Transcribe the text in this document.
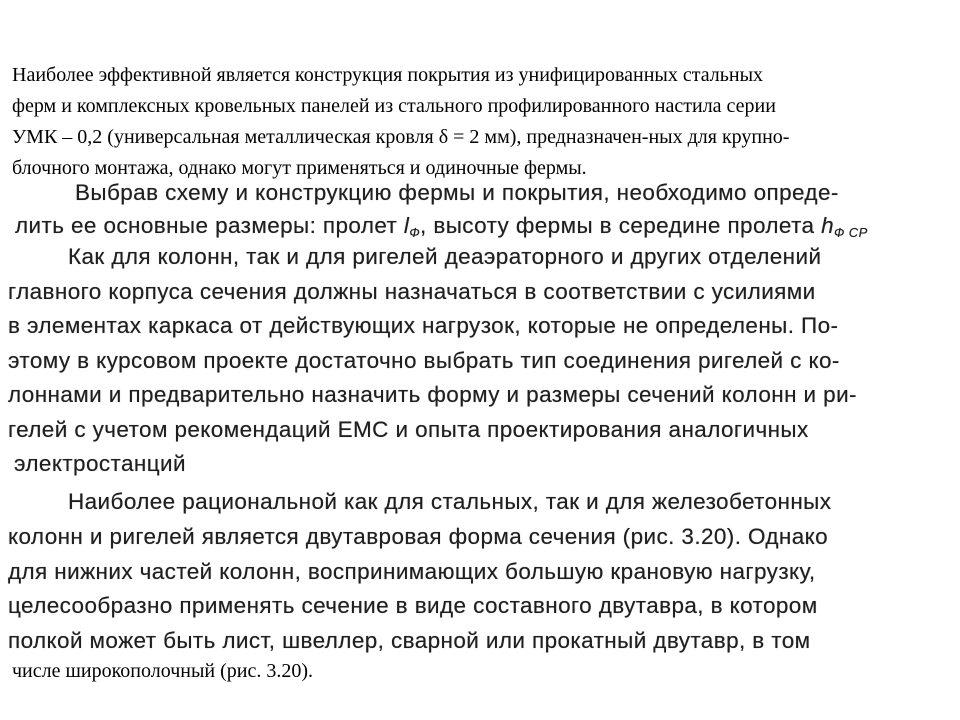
Наиболее эффективной является конструкция покрытия из унифицированных стальных
ферм и комплексных кровельных панелей из стального профилированного настила серии
УМК – 0,2 (универсальная металлическая кровля δ = 2 мм), предназначен-ных для крупно-
блочного монтажа, однако могут применяться и одиночные фермы.

Выбрав схему и конструкцию фермы и покрытия, необходимо опреде-
лить ее основные размеры: пролет $l_Ф$, высоту фермы в середине пролета $h_{Ф СР}$

Как для колонн, так и для ригелей деаэраторного и других отделений
главного корпуса сечения должны назначаться в соответствии с усилиями
в элементах каркаса от действующих нагрузок, которые не определены. По-
этому в курсовом проекте достаточно выбрать тип соединения ригелей с ко-
лоннами и предварительно назначить форму и размеры сечений колонн и ри-
гелей с учетом рекомендаций ЕМС и опыта проектирования аналогичных
электростанций

Наиболее рациональной как для стальных, так и для железобетонных
колонн и ригелей является двутавровая форма сечения (рис. 3.20). Однако
для нижних частей колонн, воспринимающих большую крановую нагрузку,
целесообразно применять сечение в виде составного двутавра, в котором
полкой может быть лист, швеллер, сварной или прокатный двутавр, в том

числе широкополочный (рис. 3.20).
